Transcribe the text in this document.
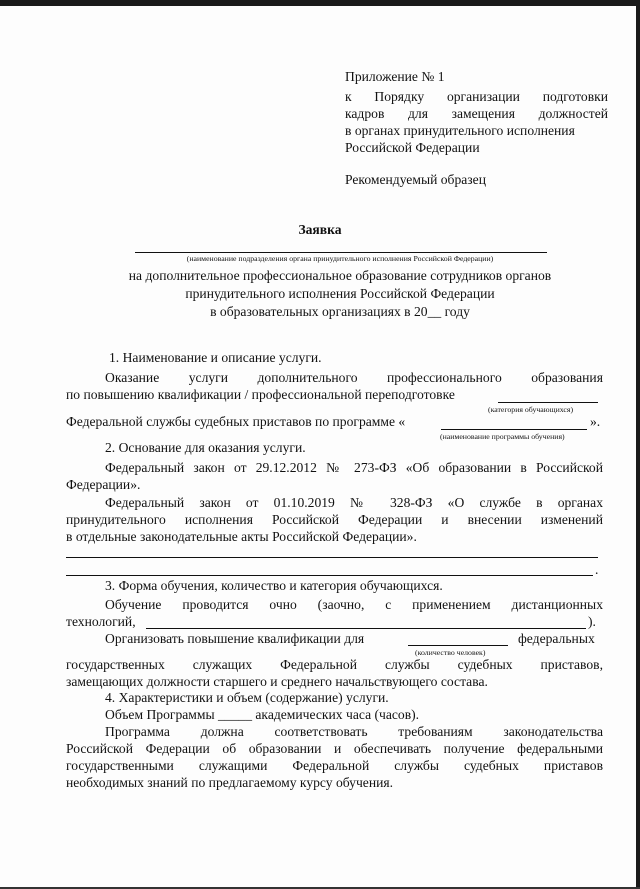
Приложение № 1
к Порядку организации подготовки
кадров для замещения должностей
в органах принудительного исполнения
Российской Федерации
Рекомендуемый образец
Заявка
(наименование подразделения органа принудительного исполнения Российской Федерации)
на дополнительное профессиональное образование сотрудников органов
принудительного исполнения Российской Федерации
в образовательных организациях в 20__ году
1. Наименование и описание услуги.
Оказание услуги дополнительного профессионального образования
по повышению квалификации / профессиональной переподготовке
(категория обучающихся)
Федеральной службы судебных приставов по программе «	».
(наименование программы обучения)
2. Основание для оказания услуги.
Федеральный закон от 29.12.2012 № 273-ФЗ «Об образовании в Российской
Федерации».
Федеральный закон от 01.10.2019 № 328-ФЗ «О службе в органах
принудительного исполнения Российской Федерации и внесении изменений
в отдельные законодательные акты Российской Федерации».
.
3. Форма обучения, количество и категория обучающихся.
Обучение проводится очно (заочно, с применением дистанционных
технологий,	).
Организовать повышение квалификации для	федеральных
(количество человек)
государственных служащих Федеральной службы судебных приставов,
замещающих должности старшего и среднего начальствующего состава.
4. Характеристики и объем (содержание) услуги.
Объем Программы _____ академических часа (часов).
Программа должна соответствовать требованиям законодательства
Российской Федерации об образовании и обеспечивать получение федеральными
государственными служащими Федеральной службы судебных приставов
необходимых знаний по предлагаемому курсу обучения.
